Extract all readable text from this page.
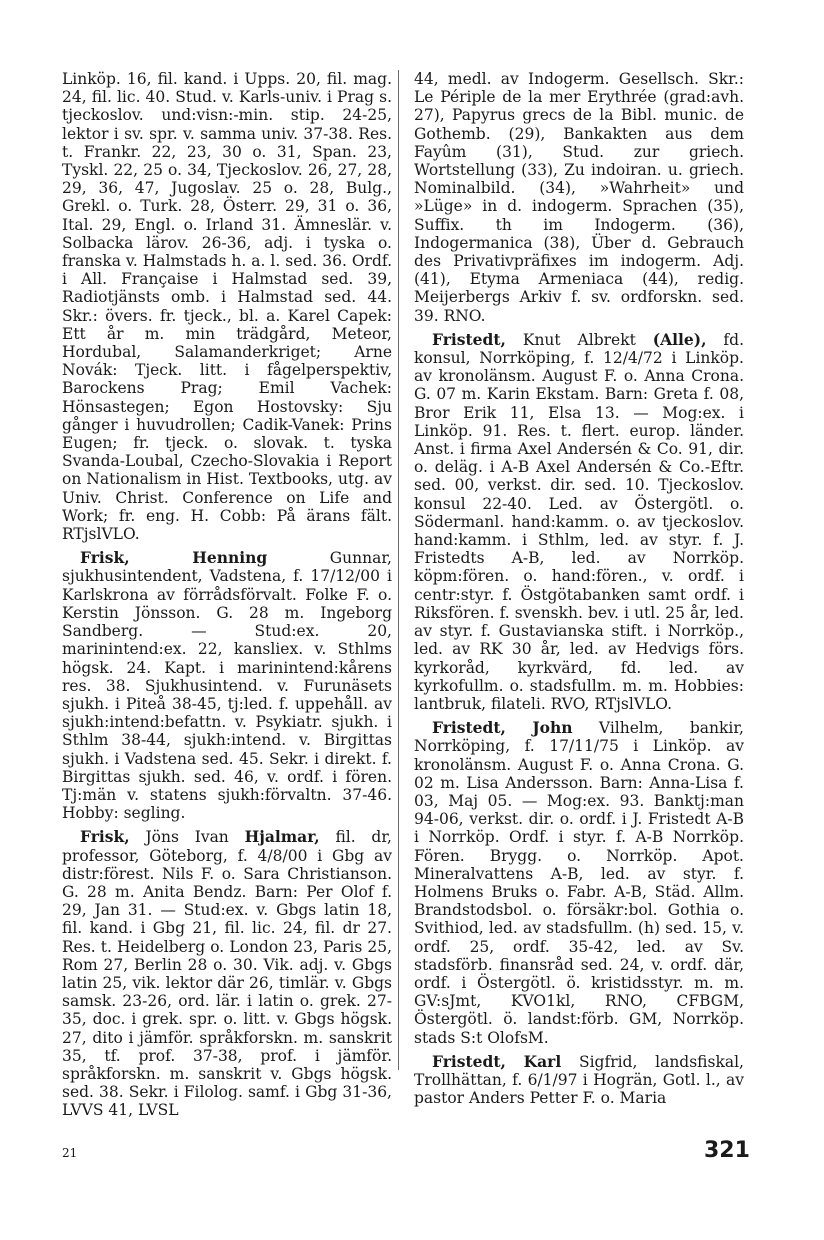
Linköp. 16, fil. kand. i Upps. 20, fil. mag. 24, fil. lic. 40. Stud. v. Karls-univ. i Prag s. tjeckoslov. und:visn:-min. stip. 24-25, lektor i sv. spr. v. samma univ. 37-38. Res. t. Frankr. 22, 23, 30 o. 31, Span. 23, Tyskl. 22, 25 o. 34, Tjeckoslov. 26, 27, 28, 29, 36, 47, Jugoslav. 25 o. 28, Bulg., Grekl. o. Turk. 28, Österr. 29, 31 o. 36, Ital. 29, Engl. o. Irland 31. Ämneslär. v. Solbacka lärov. 26-36, adj. i tyska o. franska v. Halmstads h. a. l. sed. 36. Ordf. i All. Française i Halmstad sed. 39, Radiotjänsts omb. i Halmstad sed. 44. Skr.: övers. fr. tjeck., bl. a. Karel Capek: Ett år m. min trädgård, Meteor, Hordubal, Salamanderkriget; Arne Novák: Tjeck. litt. i fågelperspektiv, Barockens Prag; Emil Vachek: Hönsastegen; Egon Hostovsky: Sju gånger i huvudrollen; Cadik-Vanek: Prins Eugen; fr. tjeck. o. slovak. t. tyska Svanda-Loubal, Czecho-Slovakia i Report on Nationalism in Hist. Textbooks, utg. av Univ. Christ. Conference on Life and Work; fr. eng. H. Cobb: På ärans fält. RTjslVLO.

Frisk,	Henning	Gunnar, sjukhusintendent, Vadstena, f. 17/12/00 i Karlskrona av förrådsförvalt. Folke F. o. Kerstin Jönsson. G. 28 m. Ingeborg Sandberg. — Stud:ex. 20, marinintend:ex. 22, kansliex. v. Sthlms högsk. 24. Kapt. i marinintend:kårens res. 38. Sjukhusintend. v. Furunäsets sjukh. i Piteå 38-45, tj:led. f. uppehåll. av sjukh:intend:befattn. v. Psykiatr. sjukh. i Sthlm 38-44, sjukh:intend. v. Birgittas sjukh. i Vadstena sed. 45. Sekr. i direkt. f. Birgittas sjukh. sed. 46, v. ordf. i fören. Tj:män v. statens sjukh:förvaltn. 37-46. Hobby: segling.

Frisk, Jöns Ivan Hjalmar, fil. dr, professor, Göteborg, f. 4/8/00 i Gbg av distr:förest. Nils F. o. Sara Christianson. G. 28 m. Anita Bendz. Barn: Per Olof f. 29, Jan 31. — Stud:ex. v. Gbgs latin 18, fil. kand. i Gbg 21, fil. lic. 24, fil. dr 27. Res. t. Heidelberg o. London 23, Paris 25, Rom 27, Berlin 28 o. 30. Vik. adj. v. Gbgs latin 25, vik. lektor där 26, timlär. v. Gbgs samsk. 23-26, ord. lär. i latin o. grek. 27-35, doc. i grek. spr. o. litt. v. Gbgs högsk. 27, dito i jämför. språkforskn. m. sanskrit 35, tf. prof. 37-38, prof. i jämför. språkforskn. m. sanskrit v. Gbgs högsk. sed. 38. Sekr. i Filolog. samf. i Gbg 31-36, LVVS 41, LVSL

44, medl. av Indogerm. Gesellsch. Skr.: Le Périple de la mer Erythrée (grad:avh. 27), Papyrus grecs de la Bibl. munic. de Gothemb. (29), Bankakten aus dem Fayûm (31), Stud. zur griech. Wortstellung (33), Zu indoiran. u. griech. Nominalbild. (34), »Wahrheit» und »Lüge» in d. indogerm. Sprachen (35), Suffix. th im Indogerm. (36), Indogermanica (38), Über d. Gebrauch des Privativpräfixes im indogerm. Adj. (41), Etyma Armeniaca (44), redig. Meijerbergs Arkiv f. sv. ordforskn. sed. 39. RNO.

Fristedt, Knut Albrekt (Alle), fd. konsul, Norrköping, f. 12/4/72 i Linköp. av kronolänsm. August F. o. Anna Crona. G. 07 m. Karin Ekstam. Barn: Greta f. 08, Bror Erik 11, Elsa 13. — Mog:ex. i Linköp. 91. Res. t. flert. europ. länder. Anst. i firma Axel Andersén & Co. 91, dir. o. deläg. i A-B Axel Andersén & Co.-Eftr. sed. 00, verkst. dir. sed. 10. Tjeckoslov. konsul 22-40. Led. av Östergötl. o. Södermanl. hand:kamm. o. av tjeckoslov. hand:kamm. i Sthlm, led. av styr. f. J. Fristedts A-B, led. av Norrköp. köpm:fören. o. hand:fören., v. ordf. i centr:styr. f. Östgötabanken samt ordf. i Riksfören. f. svenskh. bev. i utl. 25 år, led. av styr. f. Gustavianska stift. i Norrköp., led. av RK 30 år, led. av Hedvigs förs. kyrkoråd, kyrkvärd, fd. led. av kyrkofullm. o. stadsfullm. m. m. Hobbies: lantbruk, filateli. RVO, RTjslVLO.

Fristedt, John Vilhelm, bankir, Norrköping, f. 17/11/75 i Linköp. av kronolänsm. August F. o. Anna Crona. G. 02 m. Lisa Andersson. Barn: Anna-Lisa f. 03, Maj 05. — Mog:ex. 93. Banktj:man 94-06, verkst. dir. o. ordf. i J. Fristedt A-B i Norrköp. Ordf. i styr. f. A-B Norrköp. Fören. Brygg. o. Norrköp. Apot. Mineralvattens A-B, led. av styr. f. Holmens Bruks o. Fabr. A-B, Städ. Allm. Brandstodsbol. o. försäkr:bol. Gothia o. Svithiod, led. av stadsfullm. (h) sed. 15, v. ordf. 25, ordf. 35-42, led. av Sv. stadsförb. finansråd sed. 24, v. ordf. där, ordf. i Östergötl. ö. kristidsstyr. m. m. GV:sJmt, KVO1kl, RNO, CFBGM, Östergötl. ö. landst:förb. GM, Norrköp. stads S:t OlofsM.

Fristedt, Karl Sigfrid, landsfiskal, Trollhättan, f. 6/1/97 i Hogrän, Gotl. l., av pastor Anders Petter F. o. Maria

21	321
